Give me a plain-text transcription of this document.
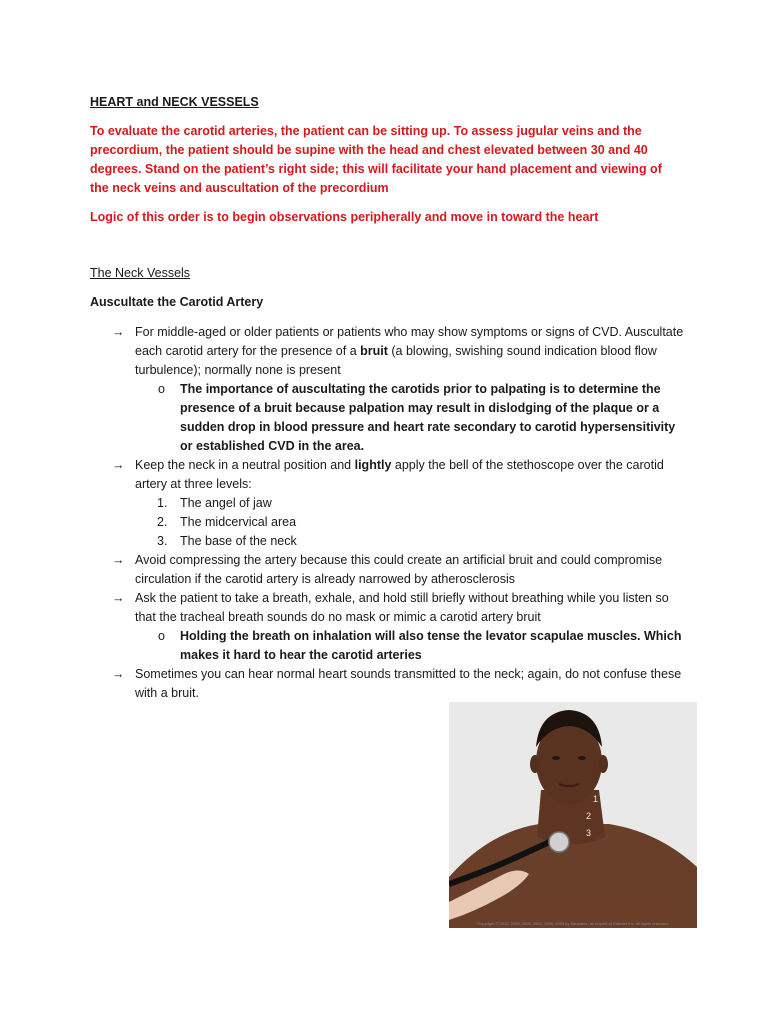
HEART and NECK VESSELS
To evaluate the carotid arteries, the patient can be sitting up. To assess jugular veins and the precordium, the patient should be supine with the head and chest elevated between 30 and 40 degrees. Stand on the patient’s right side; this will facilitate your hand placement and viewing of the neck veins and auscultation of the precordium
Logic of this order is to begin observations peripherally and move in toward the heart
The Neck Vessels
Auscultate the Carotid Artery
→ For middle-aged or older patients or patients who may show symptoms or signs of CVD. Auscultate each carotid artery for the presence of a bruit (a blowing, swishing sound indication blood flow turbulence); normally none is present
o The importance of auscultating the carotids prior to palpating is to determine the presence of a bruit because palpation may result in dislodging of the plaque or a sudden drop in blood pressure and heart rate secondary to carotid hypersensitivity or established CVD in the area.
→ Keep the neck in a neutral position and lightly apply the bell of the stethoscope over the carotid artery at three levels:
1. The angel of jaw
2. The midcervical area
3. The base of the neck
→ Avoid compressing the artery because this could create an artificial bruit and could compromise circulation if the carotid artery is already narrowed by atherosclerosis
→ Ask the patient to take a breath, exhale, and hold still briefly without breathing while you listen so that the tracheal breath sounds do no mask or mimic a carotid artery bruit
o Holding the breath on inhalation will also tense the levator scapulae muscles. Which makes it hard to hear the carotid arteries
→ Sometimes you can hear normal heart sounds transmitted to the neck; again, do not confuse these with a bruit.
1
2
3
Copyright © 2012, 2009, 2005, 2002, 1998, 1993 by Saunders, an imprint of Elsevier Inc. All rights reserved.
